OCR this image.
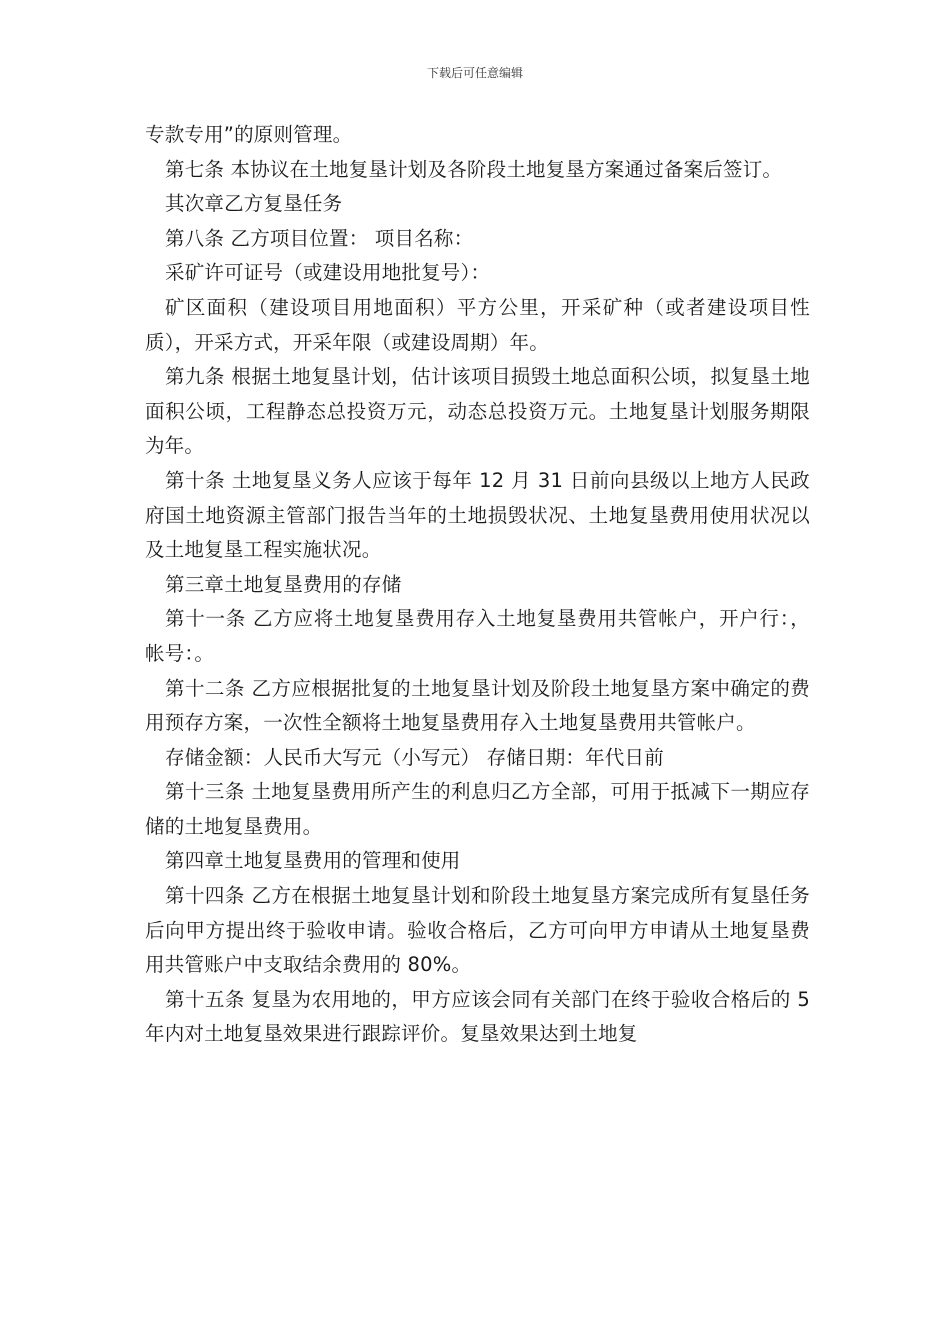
下载后可任意编辑

专款专用”的原则管理。

第七条 本协议在土地复垦计划及各阶段土地复垦方案通过备案后签订。

其次章乙方复垦任务

第八条 乙方项目位置： 项目名称：

采矿许可证号（或建设用地批复号）：

矿区面积（建设项目用地面积）平方公里，开采矿种（或者建设项目性质），开采方式，开采年限（或建设周期）年。

第九条 根据土地复垦计划，估计该项目损毁土地总面积公顷，拟复垦土地面积公顷，工程静态总投资万元，动态总投资万元。土地复垦计划服务期限为年。

第十条 土地复垦义务人应该于每年 12 月 31 日前向县级以上地方人民政府国土地资源主管部门报告当年的土地损毁状况、土地复垦费用使用状况以及土地复垦工程实施状况。

第三章土地复垦费用的存储

第十一条 乙方应将土地复垦费用存入土地复垦费用共管帐户，开户行：，帐号：。

第十二条 乙方应根据批复的土地复垦计划及阶段土地复垦方案中确定的费用预存方案，一次性全额将土地复垦费用存入土地复垦费用共管帐户。

存储金额：人民币大写元（小写元） 存储日期：年代日前

第十三条 土地复垦费用所产生的利息归乙方全部，可用于抵减下一期应存储的土地复垦费用。

第四章土地复垦费用的管理和使用

第十四条 乙方在根据土地复垦计划和阶段土地复垦方案完成所有复垦任务后向甲方提出终于验收申请。验收合格后，乙方可向甲方申请从土地复垦费用共管账户中支取结余费用的 80%。

第十五条 复垦为农用地的，甲方应该会同有关部门在终于验收合格后的 5 年内对土地复垦效果进行跟踪评价。复垦效果达到土地复
